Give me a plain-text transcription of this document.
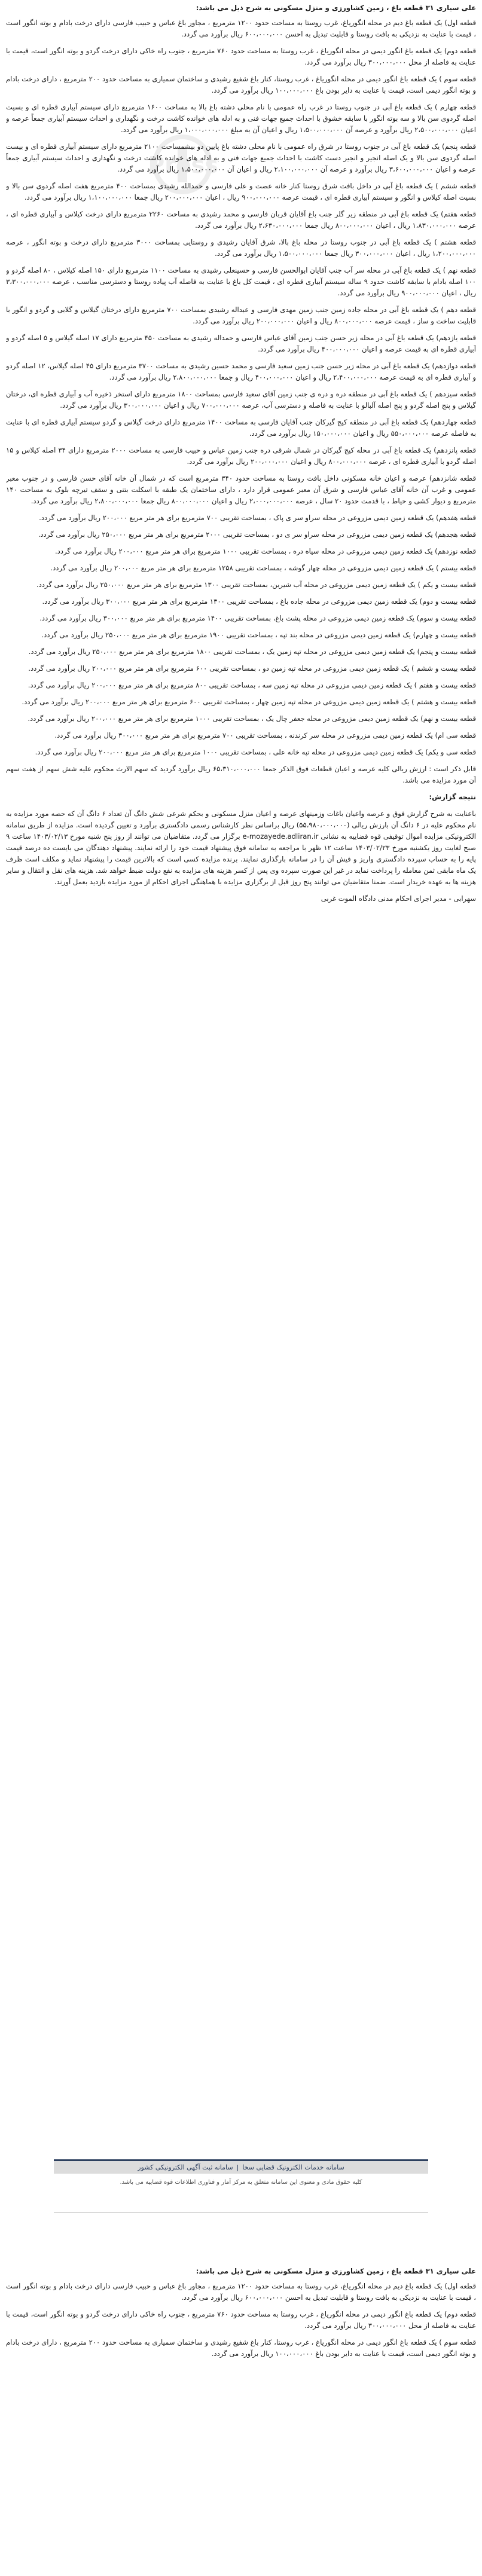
Press

علی سیاری ۳۱ قطعه باغ ، زمین کشاورزی و منزل مسکونی به شرح ذیل می باشد:

قطعه اول) یک قطعه باغ دیم در محله انگوریاغ، غرب روستا به مساحت حدود ۱۲۰۰ مترمربع ، مجاور باغ عباس و حبیب فارسی دارای درخت بادام و بوته انگور است ، قیمت با عنایت به نزدیکی به بافت روستا و قابلیت تبدیل به احسن ۶۰۰،۰۰۰،۰۰۰ ریال برآورد می گردد.

قطعه دوم) یک قطعه باغ انگور دیمی در محله انگوریاغ ، غرب روستا به مساحت حدود ۷۶۰ مترمربع ، جنوب راه خاکی دارای درخت گردو و بوته انگور است، قیمت با عنایت به فاصله از محل ۳۰۰،۰۰۰،۰۰۰ ریال برآورد می گردد.

قطعه سوم ) یک قطعه باغ انگور دیمی در محله انگوریاغ ، غرب روستا، کنار باغ شفیع رشیدی و ساختمان سمیاری به مساحت حدود ۲۰۰ مترمربع ، دارای درخت بادام و بوته انگور دیمی است، قیمت با عنایت به دایر بودن باغ ۱۰۰،۰۰۰،۰۰۰ ریال برآورد می گردد.

قطعه چهارم ) یک قطعه باغ آبی در جنوب روستا در غرب راه عمومی با نام محلی دشته باغ بالا به مساحت ۱۶۰۰ مترمربع دارای سیستم آبیاری قطره ای و بسیت اصله گردوی سن بالا و سه بوته انگور با سابقه خشوق با احداث جمیع جهات فنی و به ادله های خوانده کاشت درخت و نگهداری و احداث سیستم آبیاری جمعاً عرصه و اعیان ۲،۵۰۰،۰۰۰،۰۰۰ ریال برآورد و عرصه آن ۱،۵۰۰،۰۰۰،۰۰۰ ریال و اعیان آن به مبلغ ۱،۰۰۰،۰۰۰،۰۰۰ ریال برآورد می گردد.

قطعه پنجم) یک قطعه باغ آبی در جنوب روستا در شرق راه عمومی با نام محلی دشته باغ پایین دو بیشمساحت ۲۱۰۰ مترمربع دارای سیستم آبیاری قطره ای و بیست اصله گردوی سن بالا و یک اصله انجیر و انجیر دست کاشت با احداث جمیع جهات فنی و به ادله های خوانده کاشت درخت و نگهداری و احداث سیستم آبیاری جمعاً عرصه و اعیان ۳،۶۰۰،۰۰۰،۰۰۰ ریال برآورد و عرصه آن ۲،۱۰۰،۰۰۰،۰۰۰ ریال و اعیان آن ۱،۵۰۰،۰۰۰،۰۰۰ ریال برآورد می گردد.

قطعه ششم ) یک قطعه باغ آبی در داخل بافت شرق روستا کنار خانه عصت و علی فارسی و حمدالله رشیدی بمساحت ۴۰۰ مترمربع هفت اصله گردوی سن بالا و بسیت اصله کیلاس و انگور و سیستم آبیاری قطره ای ، قیمت عرصه ۹۰۰،۰۰۰،۰۰۰ ریال ، اعیان ۲۰۰،۰۰۰،۰۰۰ ریال جمعا ۱،۱۰۰،۰۰۰،۰۰۰ ریال برآورد می گردد.

قطعه هفتم) یک قطعه باغ آبی در منطقه زیر گلر جنب باغ آقایان قربان فارسی و محمد رشیدی به مساحت ۲۲۶۰ مترمربع دارای درخت کیلاس و آبیاری قطره ای ، عرصه ۱،۸۳۰،۰۰۰،۰۰۰ ریال ، اعیان ۸۰۰،۰۰۰،۰۰۰ ریال جمعا ۲،۶۳۰،۰۰۰،۰۰۰ ریال برآورد می گردد.

قطعه هشتم ) یک قطعه باغ آبی در جنوب روستا در محله باغ بالا، شرق آقایان رشیدی و روستایی بمساحت ۳۰۰۰ مترمربع دارای درخت و بوته انگور ، عرصه ۱،۲۰۰،۰۰۰،۰۰۰ ریال ، اعیان ۳۰۰،۰۰۰،۰۰۰ ریال جمعا ۱،۵۰۰،۰۰۰،۰۰۰ ریال برآورد می گردد.

قطعه نهم ) یک قطعه باغ آبی در محله سر آب جنب آقایان ابوالحسن فارسی و حسینعلی رشیدی به مساحت ۱۱۰۰ مترمربع دارای ۱۵۰ اصله کیلاس ، ۸۰ اصله گردو و ۱۰۰ اصله بادام با سابقه کاشت حدود ۹ ساله سیستم آبیاری قطره ای ، قیمت کل باغ با عنایت به فاصله آب پیاده روستا و دسترسی مناسب ، عرصه ۳،۳۰۰،۰۰۰،۰۰۰ ریال ، اعیان ۹۰۰،۰۰۰،۰۰۰ ریال برآورد می گردد.

قطعه دهم ) یک قطعه باغ آبی در محله جاده زمین جنب زمین مهدی فارسی و عبداله رشیدی بمساحت ۷۰۰ مترمربع دارای درختان گیلاس و گلابی و گردو و انگور با قابلیت ساخت و ساز ، قیمت عرصه ۸۰۰،۰۰۰،۰۰۰ ریال و اعیان ۲۰۰،۰۰۰،۰۰۰ ریال برآورد می گردد.

قطعه یازدهم) یک قطعه باغ آبی در محله زیر حسن جنب زمین آقای عباس فارسی و حمداله رشیدی به مساحت ۴۵۰ مترمربع دارای ۱۷ اصله گیلاس و ۵ اصله گردو و آبیاری قطره ای به قیمت عرصه و اعیان ۴۰۰،۰۰۰،۰۰۰ ریال برآورد می گردد.

قطعه دوازدهم) یک قطعه باغ آبی در محله زیر حسن جنب زمین سعید فارسی و محمد حسین رشیدی به مساحت ۳۷۰۰ مترمربع دارای ۴۵ اصله گیلاس، ۱۲ اصله گردو و آبیاری قطره ای به قیمت عرصه ۲،۴۰۰،۰۰۰،۰۰۰ ریال و اعیان ۴۰۰،۰۰۰،۰۰۰ ریال و جمعا ۲،۸۰۰،۰۰۰،۰۰۰ ریال برآورد می گردد.

قطعه سیزدهم ) یک قطعه باغ آبی در منطقه دره و دره ی جنب زمین آقای سعید فارسی بمساحت ۱۸۰۰ مترمربع دارای استخر ذخیره آب و آبیاری قطره ای، درختان گیلاس و پنج اصله گردو و پنج اصله آلبالو با عنایت به فاصله و دسترسی آب، عرصه ۷۰۰،۰۰۰،۰۰۰ ریال و اعیان ۳۰۰،۰۰۰،۰۰۰ ریال برآورد می گردد.

قطعه چهاردهم) یک قطعه باغ آبی در منطقه کیج گیرکان جنب آقایان فارسی به مساحت ۱۴۰۰ مترمربع دارای درخت گیلاس و گردو سیستم آبیاری قطره ای با عنایت به فاصله عرصه ۵۵۰،۰۰۰،۰۰۰ ریال و اعیان ۱۵۰،۰۰۰،۰۰۰ ریال برآورد می گردد.

قطعه پانزدهم) یک قطعه باغ آبی در محله کیج گیرکان در شمال شرقی دره جنب زمین عباس و حبیب فارسی به مساحت ۲۰۰۰ مترمربع دارای ۳۴ اصله کیلاس و ۱۵ اصله گردو با آبیاری قطره ای ، عرصه ۸۰۰،۰۰۰،۰۰۰ ریال و اعیان ۲۰۰،۰۰۰،۰۰۰ ریال برآورد می گردد.

قطعه شانزدهم) عرصه و اعیان خانه مسکونی داخل بافت روستا به مساحت حدود ۳۴۰ مترمربع است که در شمال آن خانه آقای حسن فارسی و در جنوب معبر عمومی و غرب آن خانه آقای عباس فارسی و شرق آن معبر عمومی قرار دارد ، دارای ساختمان یک طبقه با اسکلت بتنی و سقف تیرچه بلوک به مساحت ۱۴۰ مترمربع و دیوار کشی و حیاط ، با قدمت حدود ۲۰ سال ، عرصه ۲،۰۰۰،۰۰۰،۰۰۰ ریال و اعیان ۸۰۰،۰۰۰،۰۰۰ ریال جمعا ۲،۸۰۰،۰۰۰،۰۰۰ ریال برآورد می گردد.

قطعه هفدهم) یک قطعه زمین دیمی مزروعی در محله سراو سر ی پاک ، بمساحت تقریبی ۷۰۰ مترمربع برای هر متر مربع ۲۰۰،۰۰۰ ریال برآورد می گردد.

قطعه هجدهم) یک قطعه زمین دیمی مزروعی در محله سراو سر ی دو ، بمساحت تقریبی ۲۰۰۰ مترمربع برای هر متر مربع ۲۵۰،۰۰۰ ریال برآورد می گردد.

قطعه نوزدهم) یک قطعه زمین دیمی مزروعی در محله سیاه دره ، بمساحت تقریبی ۱۰۰۰ مترمربع برای هر متر مربع ۲۰۰،۰۰۰ ریال برآورد می گردد.

قطعه بیستم ) یک قطعه زمین دیمی مزروعی در محله چهار گوشه ، بمساحت تقریبی ۱۲۵۸ مترمربع برای هر متر مربع ۲۰۰،۰۰۰ ریال برآورد می گردد.

قطعه بیست و یکم ) یک قطعه زمین دیمی مزروعی در محله آب شیرین، بمساحت تقریبی ۱۳۰۰ مترمربع برای هر متر مربع ۲۵۰،۰۰۰ ریال برآورد می گردد.

قطعه بیست و دوم) یک قطعه زمین دیمی مزروعی در محله جاده باغ ، بمساحت تقریبی ۱۳۰۰ مترمربع برای هر متر مربع ۳۰۰،۰۰۰ ریال برآورد می گردد.

قطعه بیست و سوم) یک قطعه زمین دیمی مزروعی در محله پشت باغ، بمساحت تقریبی ۱۴۰۰ مترمربع برای هر متر مربع ۳۰۰،۰۰۰ ریال برآورد می گردد.

قطعه بیست و چهارم) یک قطعه زمین دیمی مزروعی در محله بند تپه ، بمساحت تقریبی ۱۹۰۰ مترمربع برای هر متر مربع ۲۵۰،۰۰۰ ریال برآورد می گردد.

قطعه بیست و پنجم) یک قطعه زمین دیمی مزروعی در محله تپه زمین یک ، بمساحت تقریبی ۱۸۰۰ مترمربع برای هر متر مربع ۲۵۰،۰۰۰ ریال برآورد می گردد.

قطعه بیست و ششم ) یک قطعه زمین دیمی مزروعی در محله تپه زمین دو ، بمساحت تقریبی ۶۰۰ مترمربع برای هر متر مربع ۲۰۰،۰۰۰ ریال برآورد می گردد.

قطعه بیست و هفتم ) یک قطعه زمین دیمی مزروعی در محله تپه زمین سه ، بمساحت تقریبی ۸۰۰ مترمربع برای هر متر مربع ۲۰۰،۰۰۰ ریال برآورد می گردد.

قطعه بیست و هشتم ) یک قطعه زمین دیمی مزروعی در محله تپه زمین چهار ، بمساحت تقریبی ۶۰۰ مترمربع برای هر متر مربع ۲۰۰،۰۰۰ ریال برآورد می گردد.

قطعه بیست و نهم) یک قطعه زمین دیمی مزروعی در محله جعفر چال یک ، بمساحت تقریبی ۱۰۰۰ مترمربع برای هر متر مربع ۲۰۰،۰۰۰ ریال برآورد می گردد.

قطعه سی ام) یک قطعه زمین دیمی مزروعی در محله سر کرندنه ، بمساحت تقریبی ۷۰۰ مترمربع برای هر متر مربع ۳۰۰،۰۰۰ ریال برآورد می گردد.

قطعه سی و یکم) یک قطعه زمین دیمی مزروعی در محله تپه خانه علی ، بمساحت تقریبی ۱۰۰۰ مترمربع برای هر متر مربع ۲۰۰،۰۰۰ ریال برآورد می گردد.

قابل ذکر است : ارزش ریالی کلیه عرصه و اعیان قطعات فوق الذکر جمعا ۶۵،۳۱۰،۰۰۰،۰۰۰ ریال برآورد گردید که سهم الارث محکوم علیه شش سهم از هفت سهم آن مورد مزایده می باشد.

نتیجه گزارش:

باعنایت به شرح گزارش فوق و عرصه واعیان باغات وزمینهای عرصه و اعیان منزل مسکونی و بحکم شرعی شش دانگ آن تعداد ۶ دانگ آن که حصه مورد مزایده به نام محکوم علیه در ۶ دانگ آن بارزش ریالی (۵۵،۹۸۰،۰۰۰،۰۰۰) ریال براساس نظر کارشناس رسمی دادگستری برآورد و تعیین گردیده است. مزایده از طریق سامانه الکترونیکی مزایده اموال توقیفی قوه قضاییه به نشانی e-mozayede.adliran.ir برگزار می گردد. متقاضیان می توانند از روز پنج شنبه مورخ ۱۴۰۳/۰۲/۱۳ ساعت ۹ صبح لغایت روز یکشنبه مورخ ۱۴۰۳/۰۲/۲۳ ساعت ۱۲ ظهر با مراجعه به سامانه فوق پیشنهاد قیمت خود را ارائه نمایند. پیشنهاد دهندگان می بایست ده درصد قیمت پایه را به حساب سپرده دادگستری واریز و فیش آن را در سامانه بارگذاری نمایند. برنده مزایده کسی است که بالاترین قیمت را پیشنهاد نماید و مکلف است ظرف یک ماه مابقی ثمن معامله را پرداخت نماید در غیر این صورت سپرده وی پس از کسر هزینه های مزایده به نفع دولت ضبط خواهد شد. هزینه های نقل و انتقال و سایر هزینه ها به عهده خریدار است. ضمنا متقاضیان می توانند پنج روز قبل از برگزاری مزایده با هماهنگی اجرای احکام از مورد مزایده بازدید بعمل آورند.

سهرابی - مدیر اجرای احکام مدنی دادگاه الموت غربی

سامانه خدمات الکترونیک قضایی سخا
|
سامانه ثبت آگهی الکترونیکی کشور
کلیه حقوق مادی و معنوی این سامانه متعلق به مرکز آمار و فناوری اطلاعات قوه قضاییه می باشد.

علی سیاری ۳۱ قطعه باغ ، زمین کشاورزی و منزل مسکونی به شرح ذیل می باشد:

قطعه اول) یک قطعه باغ دیم در محله انگوریاغ، غرب روستا به مساحت حدود ۱۲۰۰ مترمربع ، مجاور باغ عباس و حبیب فارسی دارای درخت بادام و بوته انگور است ، قیمت با عنایت به نزدیکی به بافت روستا و قابلیت تبدیل به احسن ۶۰۰،۰۰۰،۰۰۰ ریال برآورد می گردد.

قطعه دوم) یک قطعه باغ انگور دیمی در محله انگوریاغ ، غرب روستا به مساحت حدود ۷۶۰ مترمربع ، جنوب راه خاکی دارای درخت گردو و بوته انگور است، قیمت با عنایت به فاصله از محل ۳۰۰،۰۰۰،۰۰۰ ریال برآورد می گردد.

قطعه سوم ) یک قطعه باغ انگور دیمی در محله انگوریاغ ، غرب روستا، کنار باغ شفیع رشیدی و ساختمان سمیاری به مساحت حدود ۲۰۰ مترمربع ، دارای درخت بادام و بوته انگور دیمی است، قیمت با عنایت به دایر بودن باغ ۱۰۰،۰۰۰،۰۰۰ ریال برآورد می گردد.
